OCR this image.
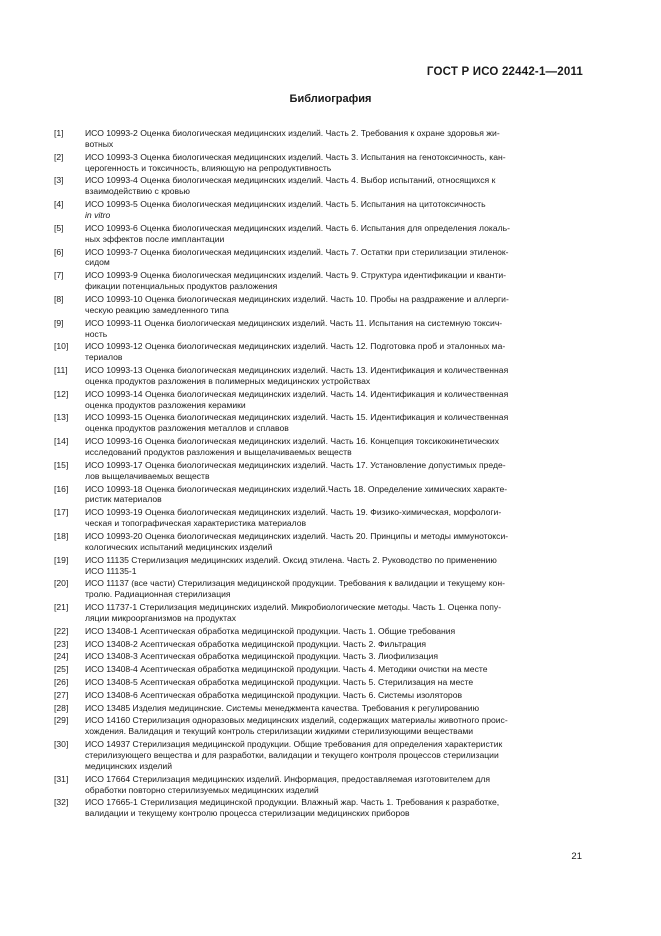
ГОСТ Р ИСО 22442-1—2011
Библиография
[1]	ИСО 10993-2 Оценка биологическая медицинских изделий. Часть 2. Требования к охране здоровья жи-
вотных
[2]	ИСО 10993-3 Оценка биологическая медицинских изделий. Часть 3. Испытания на генотоксичность, кан-
церогенность и токсичность, влияющую на репродуктивность
[3]	ИСО 10993-4 Оценка биологическая медицинских изделий. Часть 4. Выбор испытаний, относящихся к
взаимодействию с кровью
[4]	ИСО 10993-5 Оценка биологическая медицинских изделий. Часть 5. Испытания на цитотоксичность
in vitro
[5]	ИСО 10993-6 Оценка биологическая медицинских изделий. Часть 6. Испытания для определения локаль-
ных эффектов после имплантации
[6]	ИСО 10993-7 Оценка биологическая медицинских изделий. Часть 7. Остатки при стерилизации этиленок-
сидом
[7]	ИСО 10993-9 Оценка биологическая медицинских изделий. Часть 9. Структура идентификации и кванти-
фикации потенциальных продуктов разложения
[8]	ИСО 10993-10 Оценка биологическая медицинских изделий. Часть 10. Пробы на раздражение и аллерги-
ческую реакцию замедленного типа
[9]	ИСО 10993-11 Оценка биологическая медицинских изделий. Часть 11. Испытания на системную токсич-
ность
[10]	ИСО 10993-12 Оценка биологическая медицинских изделий. Часть 12. Подготовка проб и эталонных ма-
териалов
[11]	ИСО 10993-13 Оценка биологическая медицинских изделий. Часть 13. Идентификация и количественная
оценка продуктов разложения в полимерных медицинских устройствах
[12]	ИСО 10993-14 Оценка биологическая медицинских изделий. Часть 14. Идентификация и количественная
оценка продуктов разложения керамики
[13]	ИСО 10993-15 Оценка биологическая медицинских изделий. Часть 15. Идентификация и количественная
оценка продуктов разложения металлов и сплавов
[14]	ИСО 10993-16 Оценка биологическая медицинских изделий. Часть 16. Концепция токсикокинетических
исследований продуктов разложения и выщелачиваемых веществ
[15]	ИСО 10993-17 Оценка биологическая медицинских изделий. Часть 17. Установление допустимых преде-
лов выщелачиваемых веществ
[16]	ИСО 10993-18 Оценка биологическая медицинских изделий.Часть 18. Определение химических характе-
ристик материалов
[17]	ИСО 10993-19 Оценка биологическая медицинских изделий. Часть 19. Физико-химическая, морфологи-
ческая и топографическая характеристика материалов
[18]	ИСО 10993-20 Оценка биологическая медицинских изделий. Часть 20. Принципы и методы иммунотокси-
кологических испытаний медицинских изделий
[19]	ИСО 11135 Стерилизация медицинских изделий. Оксид этилена. Часть 2. Руководство по применению
ИСО 11135-1
[20]	ИСО 11137 (все части) Стерилизация медицинской продукции. Требования к валидации и текущему кон-
тролю. Радиационная стерилизация
[21]	ИСО 11737-1 Стерилизация медицинских изделий. Микробиологические методы. Часть 1. Оценка попу-
ляции микроорганизмов на продуктах
[22]	ИСО 13408-1 Асептическая обработка медицинской продукции. Часть 1. Общие требования
[23]	ИСО 13408-2 Асептическая обработка медицинской продукции. Часть 2. Фильтрация
[24]	ИСО 13408-3 Асептическая обработка медицинской продукции. Часть 3. Лиофилизация
[25]	ИСО 13408-4 Асептическая обработка медицинской продукции. Часть 4. Методики очистки на месте
[26]	ИСО 13408-5 Асептическая обработка медицинской продукции. Часть 5. Стерилизация на месте
[27]	ИСО 13408-6 Асептическая обработка медицинской продукции. Часть 6. Системы изоляторов
[28]	ИСО 13485 Изделия медицинские. Системы менеджмента качества. Требования к регулированию
[29]	ИСО 14160 Стерилизация одноразовых медицинских изделий, содержащих материалы животного проис-
хождения. Валидация и текущий контроль стерилизации жидкими стерилизующими веществами
[30]	ИСО 14937 Стерилизация медицинской продукции. Общие требования для определения характеристик
стерилизующего вещества и для разработки, валидации и текущего контроля процессов стерилизации
медицинских изделий
[31]	ИСО 17664 Стерилизация медицинских изделий. Информация, предоставляемая изготовителем для
обработки повторно стерилизуемых медицинских изделий
[32]	ИСО 17665-1 Стерилизация медицинской продукции. Влажный жар. Часть 1. Требования к разработке,
валидации и текущему контролю процесса стерилизации медицинских приборов
21
